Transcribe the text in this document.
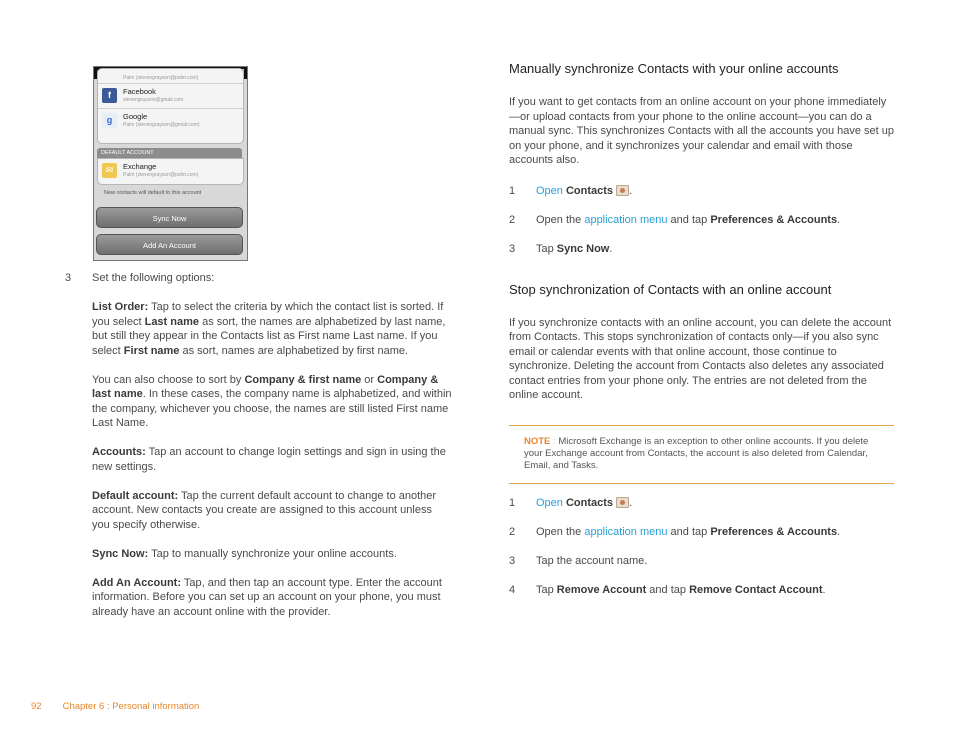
Palm (stevengrayson@palm.com)
f	Facebook
stevengrayson@gmail.com
g	Google
Palm (stevengrayson@gmail.com)
DEFAULT ACCOUNT
✉	Exchange
Palm (stevengrayson@palm.com)
New contacts will default to this account
Sync Now
Add An Account
3 Set the following options:

List Order: Tap to select the criteria by which the contact list is sorted. If you select Last name as sort, the names are alphabetized by last name, but still they appear in the Contacts list as First name Last name. If you select First name as sort, names are alphabetized by first name.

You can also choose to sort by Company & first name or Company & last name. In these cases, the company name is alphabetized, and within the company, whichever you choose, the names are still listed First name Last Name.

Accounts: Tap an account to change login settings and sign in using the new settings.

Default account: Tap the current default account to change to another account. New contacts you create are assigned to this account unless you specify otherwise.

Sync Now: Tap to manually synchronize your online accounts.

Add An Account: Tap, and then tap an account type. Enter the account information. Before you can set up an account on your phone, you must already have an account online with the provider.

Manually synchronize Contacts with your online accounts

If you want to get contacts from an online account on your phone immediately—or upload contacts from your phone to the online account—you can do a manual sync. This synchronizes Contacts with all the accounts you have set up on your phone, and it synchronizes your calendar and email with those accounts also.

1 Open Contacts .
2 Open the application menu and tap Preferences & Accounts.
3 Tap Sync Now.
Stop synchronization of Contacts with an online account

If you synchronize contacts with an online account, you can delete the account from Contacts. This stops synchronization of contacts only—if you also sync email or calendar events with that online account, those continue to synchronize. Deleting the account from Contacts also deletes any associated contact entries from your phone only. The entries are not deleted from the online account.

NOTE : Microsoft Exchange is an exception to other online accounts. If you delete your Exchange account from Contacts, the account is also deleted from Calendar, Email, and Tasks.
1 Open Contacts .
2 Open the application menu and tap Preferences & Accounts.
3 Tap the account name.
4 Tap Remove Account and tap Remove Contact Account.
92 Chapter 6 : Personal information
